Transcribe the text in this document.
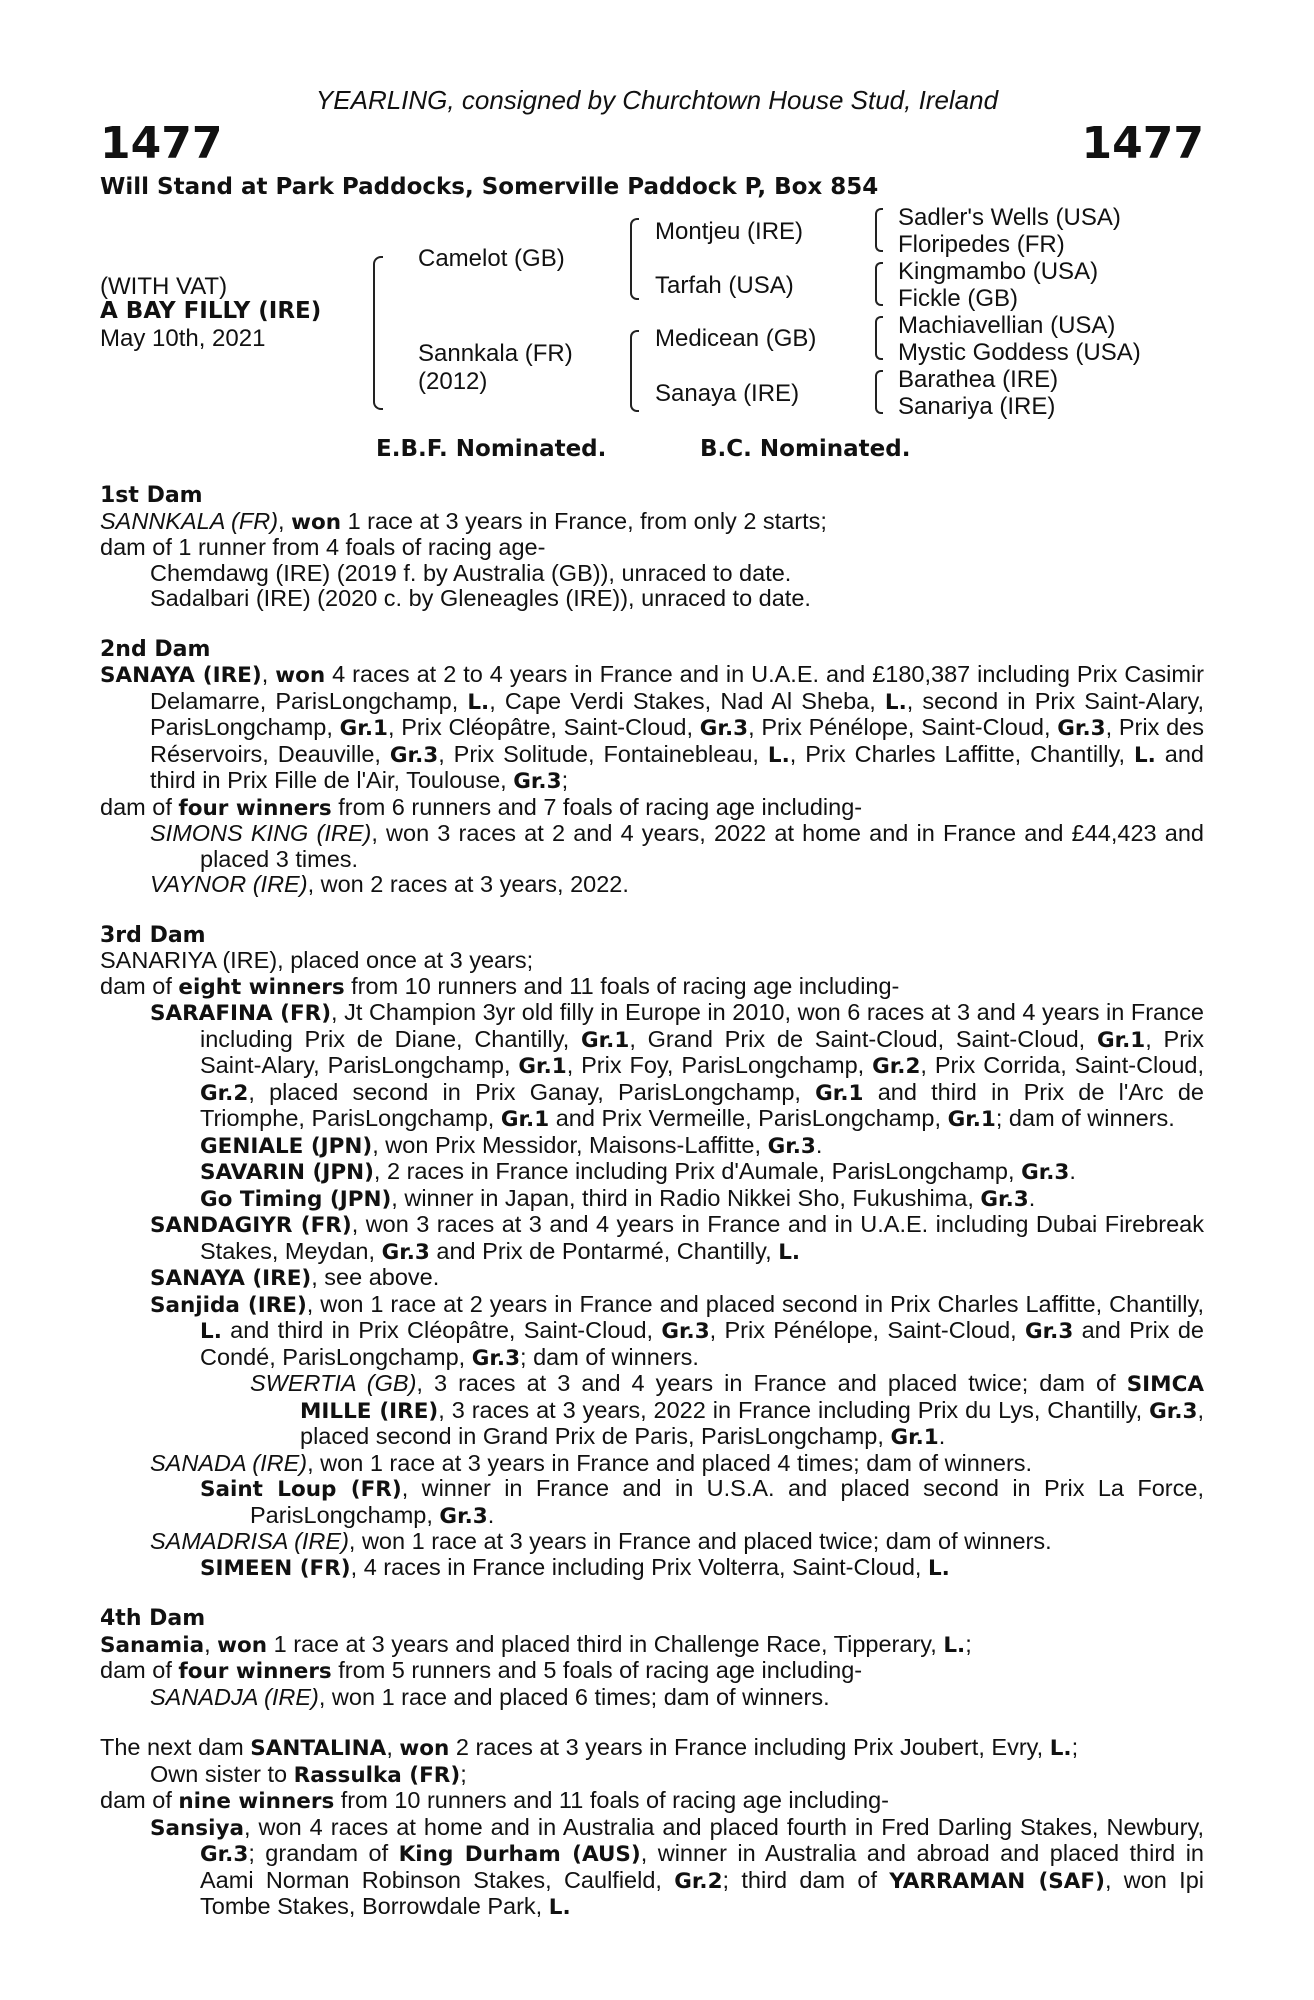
YEARLING, consigned by Churchtown House Stud, Ireland
1477	1477
Will Stand at Park Paddocks, Somerville Paddock P, Box 854
(WITH VAT)
A BAY FILLY (IRE)
May 10th, 2021
Camelot (GB)
Sannkala (FR)
(2012)
Montjeu (IRE)
Tarfah (USA)
Medicean (GB)
Sanaya (IRE)
Sadler's Wells (USA)
Floripedes (FR)
Kingmambo (USA)
Fickle (GB)
Machiavellian (USA)
Mystic Goddess (USA)
Barathea (IRE)
Sanariya (IRE)
E.B.F. Nominated.	B.C. Nominated.
1st Dam
SANNKALA (FR), won 1 race at 3 years in France, from only 2 starts;
dam of 1 runner from 4 foals of racing age-
Chemdawg (IRE) (2019 f. by Australia (GB)), unraced to date.
Sadalbari (IRE) (2020 c. by Gleneagles (IRE)), unraced to date.
2nd Dam
SANAYA (IRE), won 4 races at 2 to 4 years in France and in U.A.E. and £180,387 including Prix Casimir Delamarre, ParisLongchamp, L., Cape Verdi Stakes, Nad Al Sheba, L., second in Prix Saint-Alary, ParisLongchamp, Gr.1, Prix Cléopâtre, Saint-Cloud, Gr.3, Prix Pénélope, Saint-Cloud, Gr.3, Prix des Réservoirs, Deauville, Gr.3, Prix Solitude, Fontainebleau, L., Prix Charles Laffitte, Chantilly, L. and third in Prix Fille de l'Air, Toulouse, Gr.3;
dam of four winners from 6 runners and 7 foals of racing age including-
SIMONS KING (IRE), won 3 races at 2 and 4 years, 2022 at home and in France and £44,423 and placed 3 times.
VAYNOR (IRE), won 2 races at 3 years, 2022.
3rd Dam
SANARIYA (IRE), placed once at 3 years;
dam of eight winners from 10 runners and 11 foals of racing age including-
SARAFINA (FR), Jt Champion 3yr old filly in Europe in 2010, won 6 races at 3 and 4 years in France including Prix de Diane, Chantilly, Gr.1, Grand Prix de Saint-Cloud, Saint-Cloud, Gr.1, Prix Saint-Alary, ParisLongchamp, Gr.1, Prix Foy, ParisLongchamp, Gr.2, Prix Corrida, Saint-Cloud, Gr.2, placed second in Prix Ganay, ParisLongchamp, Gr.1 and third in Prix de l'Arc de Triomphe, ParisLongchamp, Gr.1 and Prix Vermeille, ParisLongchamp, Gr.1; dam of winners.
GENIALE (JPN), won Prix Messidor, Maisons-Laffitte, Gr.3.
SAVARIN (JPN), 2 races in France including Prix d'Aumale, ParisLongchamp, Gr.3.
Go Timing (JPN), winner in Japan, third in Radio Nikkei Sho, Fukushima, Gr.3.
SANDAGIYR (FR), won 3 races at 3 and 4 years in France and in U.A.E. including Dubai Firebreak Stakes, Meydan, Gr.3 and Prix de Pontarmé, Chantilly, L.
SANAYA (IRE), see above.
Sanjida (IRE), won 1 race at 2 years in France and placed second in Prix Charles Laffitte, Chantilly, L. and third in Prix Cléopâtre, Saint-Cloud, Gr.3, Prix Pénélope, Saint-Cloud, Gr.3 and Prix de Condé, ParisLongchamp, Gr.3; dam of winners.
SWERTIA (GB), 3 races at 3 and 4 years in France and placed twice; dam of SIMCA MILLE (IRE), 3 races at 3 years, 2022 in France including Prix du Lys, Chantilly, Gr.3, placed second in Grand Prix de Paris, ParisLongchamp, Gr.1.
SANADA (IRE), won 1 race at 3 years in France and placed 4 times; dam of winners.
Saint Loup (FR), winner in France and in U.S.A. and placed second in Prix La Force, ParisLongchamp, Gr.3.
SAMADRISA (IRE), won 1 race at 3 years in France and placed twice; dam of winners.
SIMEEN (FR), 4 races in France including Prix Volterra, Saint-Cloud, L.
4th Dam
Sanamia, won 1 race at 3 years and placed third in Challenge Race, Tipperary, L.;
dam of four winners from 5 runners and 5 foals of racing age including-
SANADJA (IRE), won 1 race and placed 6 times; dam of winners.
The next dam SANTALINA, won 2 races at 3 years in France including Prix Joubert, Evry, L.;
Own sister to Rassulka (FR);
dam of nine winners from 10 runners and 11 foals of racing age including-
Sansiya, won 4 races at home and in Australia and placed fourth in Fred Darling Stakes, Newbury, Gr.3; grandam of King Durham (AUS), winner in Australia and abroad and placed third in Aami Norman Robinson Stakes, Caulfield, Gr.2; third dam of YARRAMAN (SAF), won Ipi Tombe Stakes, Borrowdale Park, L.
